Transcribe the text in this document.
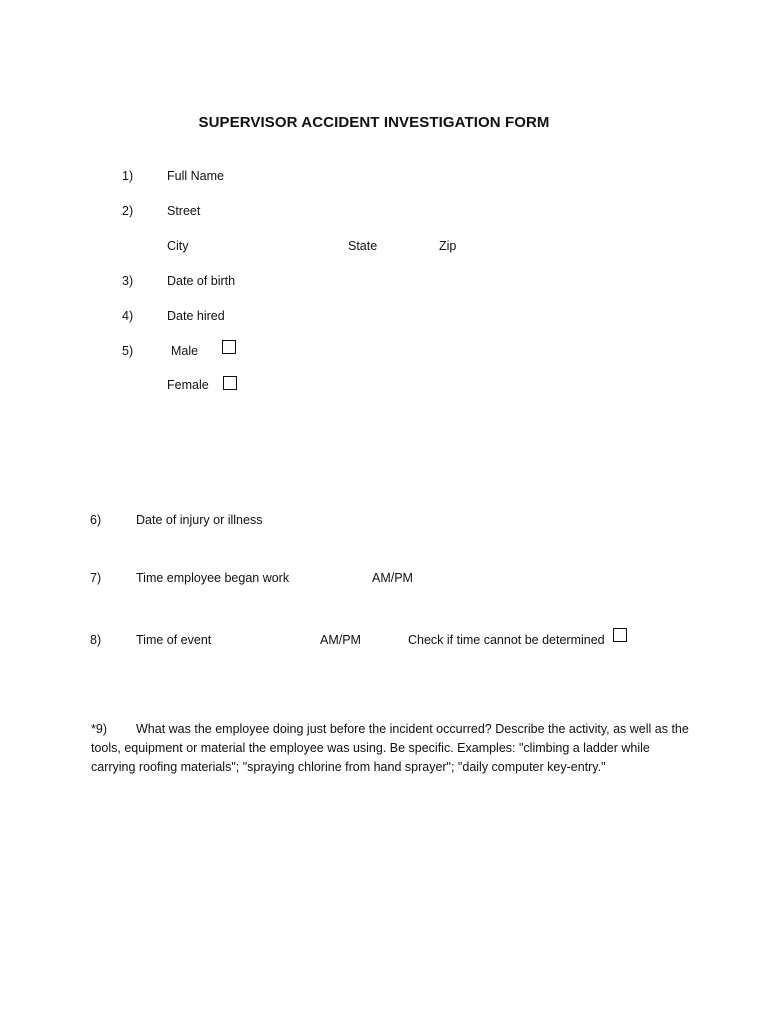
SUPERVISOR ACCIDENT INVESTIGATION FORM
1)	Full Name
2)	Street
City	State	Zip
3)	Date of birth
4)	Date hired
5)	Male
Female
6)	Date of injury or illness
7)	Time employee began work	AM/PM
8)	Time of event	AM/PM	Check if time cannot be determined
*9) What was the employee doing just before the incident occurred? Describe the activity, as well as the tools, equipment or material the employee was using. Be specific. Examples: "climbing a ladder while carrying roofing materials"; "spraying chlorine from hand sprayer"; "daily computer key-entry."
